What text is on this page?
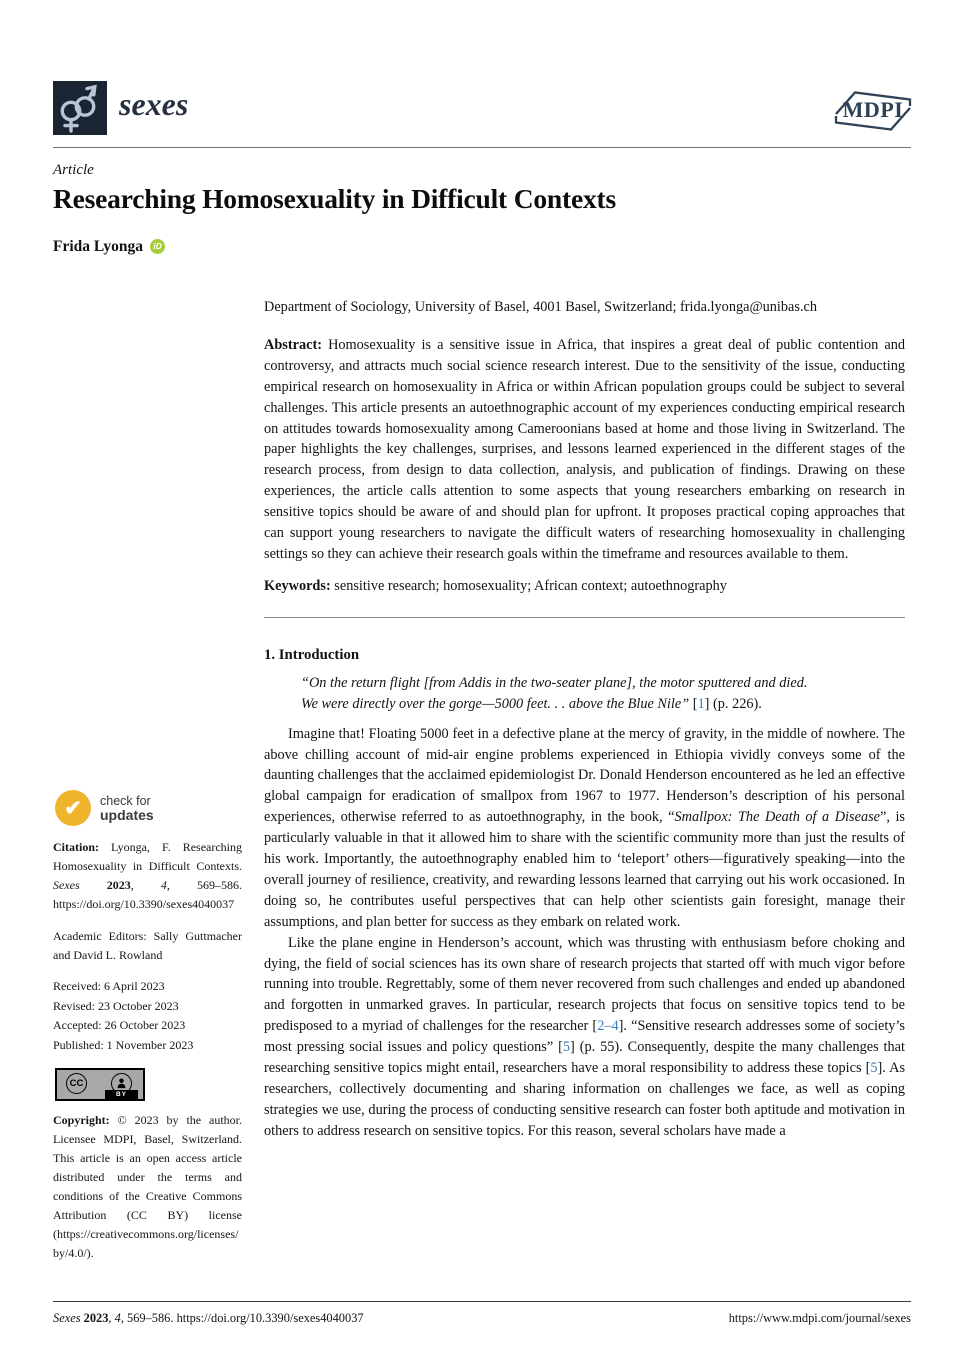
sexes	MDPI
Article
Researching Homosexuality in Difficult Contexts
Frida Lyonga iD
✔	check for
updates

Citation: Lyonga, F. Researching Homosexuality in Difficult Contexts. Sexes 2023, 4, 569–586. https://doi.org/10.3390/sexes4040037

Academic Editors: Sally Guttmacher and David L. Rowland

Received: 6 April 2023
Revised: 23 October 2023
Accepted: 26 October 2023
Published: 1 November 2023
CC
BY

Copyright: © 2023 by the author. Licensee MDPI, Basel, Switzerland. This article is an open access article distributed under the terms and conditions of the Creative Commons Attribution (CC BY) license (https://creativecommons.org/licenses/by/4.0/).

Department of Sociology, University of Basel, 4001 Basel, Switzerland; frida.lyonga@unibas.ch

Abstract: Homosexuality is a sensitive issue in Africa, that inspires a great deal of public contention and controversy, and attracts much social science research interest. Due to the sensitivity of the issue, conducting empirical research on homosexuality in Africa or within African population groups could be subject to several challenges. This article presents an autoethnographic account of my experiences conducting empirical research on attitudes towards homosexuality among Cameroonians based at home and those living in Switzerland. The paper highlights the key challenges, surprises, and lessons learned experienced in the different stages of the research process, from design to data collection, analysis, and publication of findings. Drawing on these experiences, the article calls attention to some aspects that young researchers embarking on research in sensitive topics should be aware of and should plan for upfront. It proposes practical coping approaches that can support young researchers to navigate the difficult waters of researching homosexuality in challenging settings so they can achieve their research goals within the timeframe and resources available to them.

Keywords: sensitive research; homosexuality; African context; autoethnography

1. Introduction

“On the return flight [from Addis in the two-seater plane], the motor sputtered and died.
We were directly over the gorge—5000 feet. . . above the Blue Nile” [1] (p. 226).

Imagine that! Floating 5000 feet in a defective plane at the mercy of gravity, in the middle of nowhere. The above chilling account of mid-air engine problems experienced in Ethiopia vividly conveys some of the daunting challenges that the acclaimed epidemiologist Dr. Donald Henderson encountered as he led an effective global campaign for eradication of smallpox from 1967 to 1977. Henderson’s description of his personal experiences, otherwise referred to as autoethnography, in the book, “Smallpox: The Death of a Disease”, is particularly valuable in that it allowed him to share with the scientific community more than just the results of his work. Importantly, the autoethnography enabled him to ‘teleport’ others—figuratively speaking—into the overall journey of resilience, creativity, and rewarding lessons learned that carrying out his work occasioned. In doing so, he contributes useful perspectives that can help other scientists gain foresight, manage their assumptions, and plan better for success as they embark on related work.

Like the plane engine in Henderson’s account, which was thrusting with enthusiasm before choking and dying, the field of social sciences has its own share of research projects that started off with much vigor before running into trouble. Regrettably, some of them never recovered from such challenges and ended up abandoned and forgotten in unmarked graves. In particular, research projects that focus on sensitive topics tend to be predisposed to a myriad of challenges for the researcher [2–4]. “Sensitive research addresses some of society’s most pressing social issues and policy questions” [5] (p. 55). Consequently, despite the many challenges that researching sensitive topics might entail, researchers have a moral responsibility to address these topics [5]. As researchers, collectively documenting and sharing information on challenges we face, as well as coping strategies we use, during the process of conducting sensitive research can foster both aptitude and motivation in others to address research on sensitive topics. For this reason, several scholars have made a

Sexes 2023, 4, 569–586. https://doi.org/10.3390/sexes4040037	https://www.mdpi.com/journal/sexes
